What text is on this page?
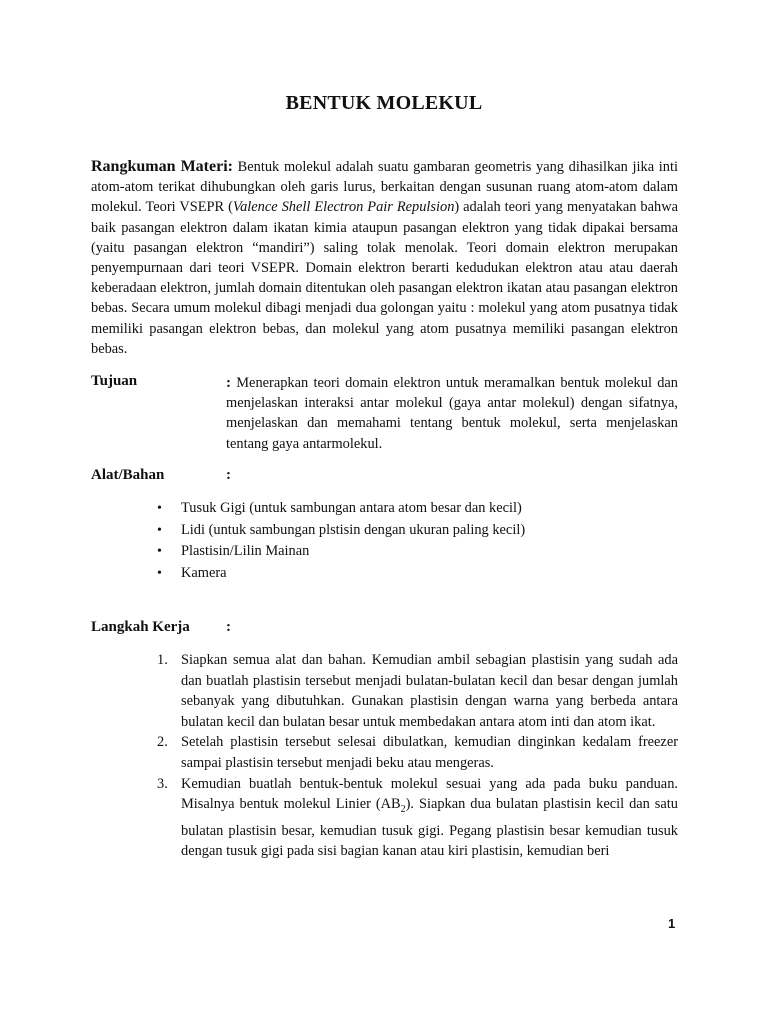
BENTUK MOLEKUL

Rangkuman Materi: Bentuk molekul adalah suatu gambaran geometris yang dihasilkan jika inti atom-atom terikat dihubungkan oleh garis lurus, berkaitan dengan susunan ruang atom-atom dalam molekul. Teori VSEPR (Valence Shell Electron Pair Repulsion) adalah teori yang menyatakan bahwa baik pasangan elektron dalam ikatan kimia ataupun pasangan elektron yang tidak dipakai bersama (yaitu pasangan elektron “mandiri”) saling tolak menolak. Teori domain elektron merupakan penyempurnaan dari teori VSEPR. Domain elektron berarti kedudukan elektron atau atau daerah keberadaan elektron, jumlah domain ditentukan oleh pasangan elektron ikatan atau pasangan elektron bebas. Secara umum molekul dibagi menjadi dua golongan yaitu : molekul yang atom pusatnya tidak memiliki pasangan elektron bebas, dan molekul yang atom pusatnya memiliki pasangan elektron bebas.

Tujuan	: Menerapkan teori domain elektron untuk meramalkan bentuk molekul dan menjelaskan interaksi antar molekul (gaya antar molekul) dengan sifatnya, menjelaskan dan memahami tentang bentuk molekul, serta menjelaskan tentang gaya antarmolekul.

Alat/Bahan	:
• Tusuk Gigi (untuk sambungan antara atom besar dan kecil)
• Lidi (untuk sambungan plstisin dengan ukuran paling kecil)
• Plastisin/Lilin Mainan
• Kamera
Langkah Kerja :
1. Siapkan semua alat dan bahan. Kemudian ambil sebagian plastisin yang sudah ada dan buatlah plastisin tersebut menjadi bulatan-bulatan kecil dan besar dengan jumlah sebanyak yang dibutuhkan. Gunakan plastisin dengan warna yang berbeda antara bulatan kecil dan bulatan besar untuk membedakan antara atom inti dan atom ikat.
2. Setelah plastisin tersebut selesai dibulatkan, kemudian dinginkan kedalam freezer sampai plastisin tersebut menjadi beku atau mengeras.
3. Kemudian buatlah bentuk-bentuk molekul sesuai yang ada pada buku panduan. Misalnya bentuk molekul Linier $(AB_2)$. Siapkan dua bulatan plastisin kecil dan satu bulatan plastisin besar, kemudian tusuk gigi. Pegang plastisin besar kemudian tusuk dengan tusuk gigi pada sisi bagian kanan atau kiri plastisin, kemudian beri
1
